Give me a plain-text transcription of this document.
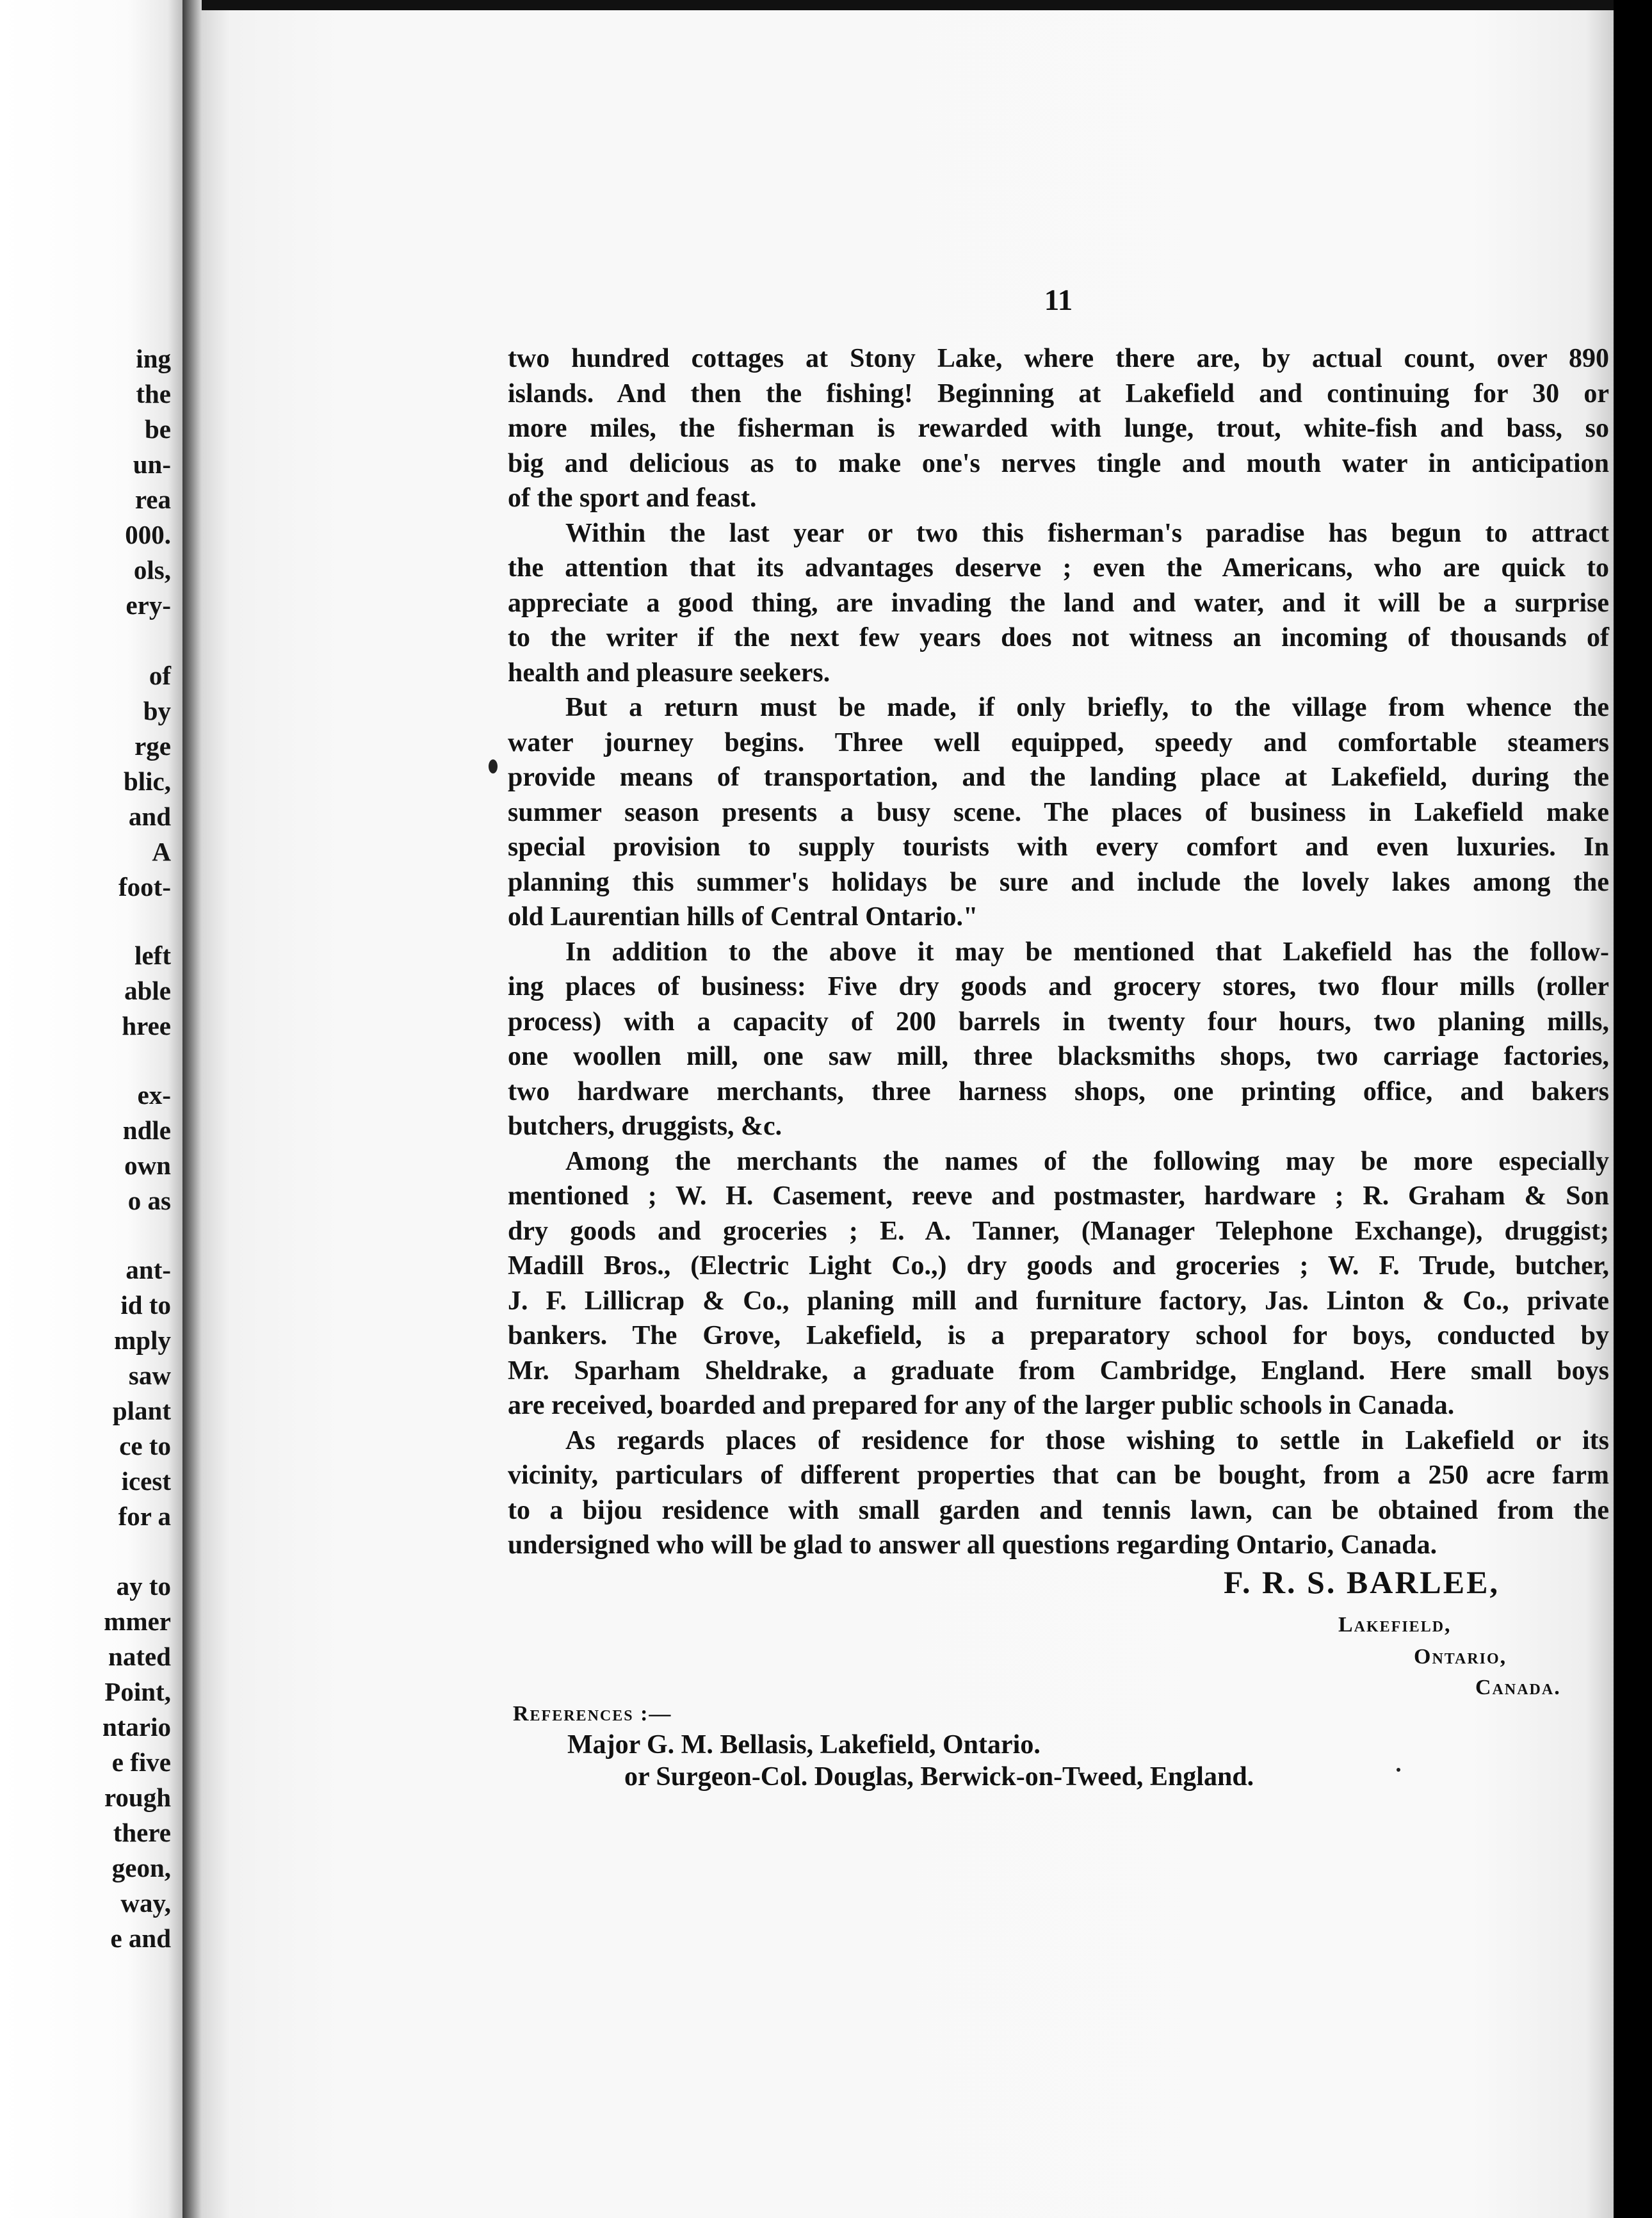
ing
the
be
un-
rea
000.
ols,
ery-
of
by
rge
blic,
and
A
foot-
left
able
hree
ex-
ndle
own
o as
ant-
id to
mply
saw
plant
ce to
icest
for a
ay to
mmer
nated
Point,
ntario
e five
rough
there
geon,
way,
e and
11
two hundred cottages at Stony Lake, where there are, by actual count, over 890
islands. And then the fishing! Beginning at Lakefield and continuing for 30 or
more miles, the fisherman is rewarded with lunge, trout, white-fish and bass, so
big and delicious as to make one's nerves tingle and mouth water in anticipation
of the sport and feast.
Within the last year or two this fisherman's paradise has begun to attract
the attention that its advantages deserve ; even the Americans, who are quick to
appreciate a good thing, are invading the land and water, and it will be a surprise
to the writer if the next few years does not witness an incoming of thousands of
health and pleasure seekers.
But a return must be made, if only briefly, to the village from whence the
water journey begins. Three well equipped, speedy and comfortable steamers
provide means of transportation, and the landing place at Lakefield, during the
summer season presents a busy scene. The places of business in Lakefield make
special provision to supply tourists with every comfort and even luxuries. In
planning this summer's holidays be sure and include the lovely lakes among the
old Laurentian hills of Central Ontario."
In addition to the above it may be mentioned that Lakefield has the follow-
ing places of business: Five dry goods and grocery stores, two flour mills (roller
process) with a capacity of 200 barrels in twenty four hours, two planing mills,
one woollen mill, one saw mill, three blacksmiths shops, two carriage factories,
two hardware merchants, three harness shops, one printing office, and bakers
butchers, druggists, &c.
Among the merchants the names of the following may be more especially
mentioned ; W. H. Casement, reeve and postmaster, hardware ; R. Graham & Son
dry goods and groceries ; E. A. Tanner, (Manager Telephone Exchange), druggist;
Madill Bros., (Electric Light Co.,) dry goods and groceries ; W. F. Trude, butcher,
J. F. Lillicrap & Co., planing mill and furniture factory, Jas. Linton & Co., private
bankers. The Grove, Lakefield, is a preparatory school for boys, conducted by
Mr. Sparham Sheldrake, a graduate from Cambridge, England. Here small boys
are received, boarded and prepared for any of the larger public schools in Canada.
As regards places of residence for those wishing to settle in Lakefield or its
vicinity, particulars of different properties that can be bought, from a 250 acre farm
to a bijou residence with small garden and tennis lawn, can be obtained from the
undersigned who will be glad to answer all questions regarding Ontario, Canada.
F. R. S. BARLEE,
Lakefield,
Ontario,
Canada.
References :—
Major G. M. Bellasis, Lakefield, Ontario.
or Surgeon-Col. Douglas, Berwick-on-Tweed, England.
